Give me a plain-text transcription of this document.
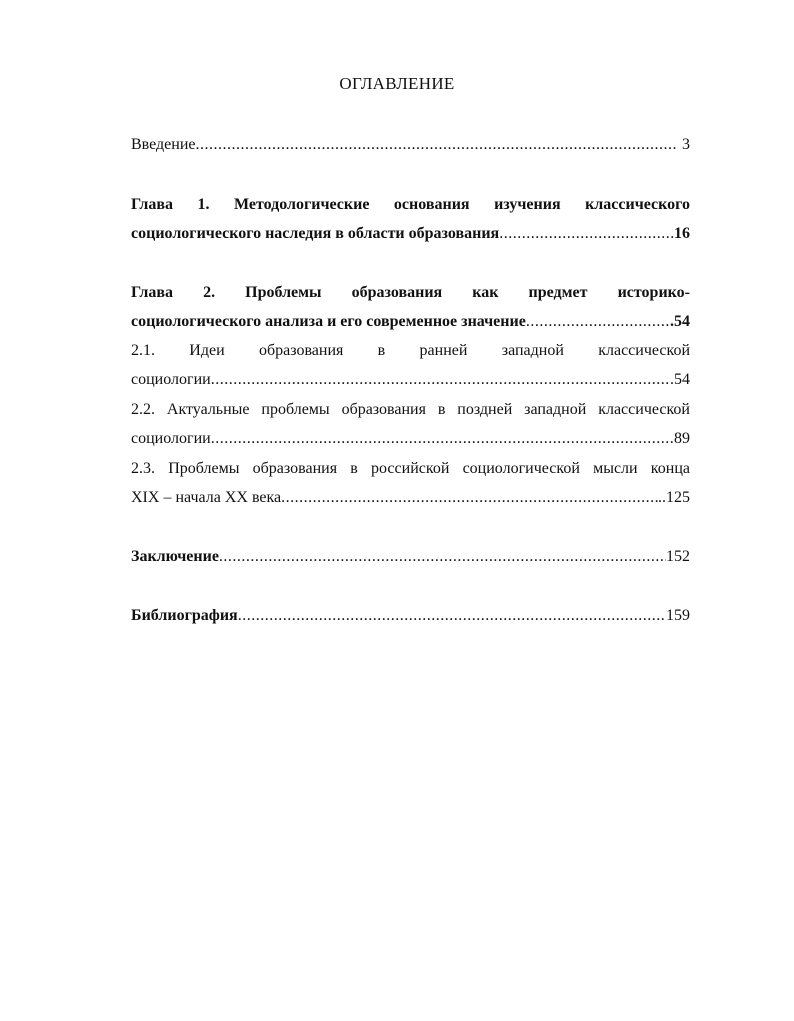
ОГЛАВЛЕНИЕ
Введение .....	3
Глава 1. Методологические основания изучения классического
социологического наследия в области образования .....	16
Глава 2. Проблемы образования как предмет историко-
социологического анализа и его современное значение .....	.54
2.1. Идеи образования в ранней западной классической
социологии .....	.54
2.2. Актуальные проблемы образования в поздней западной классической
социологии .....	89
2.3. Проблемы образования в российской социологической мысли конца
XIX – начала XX века .....	..125
Заключение .....	152
Библиография .....	159
